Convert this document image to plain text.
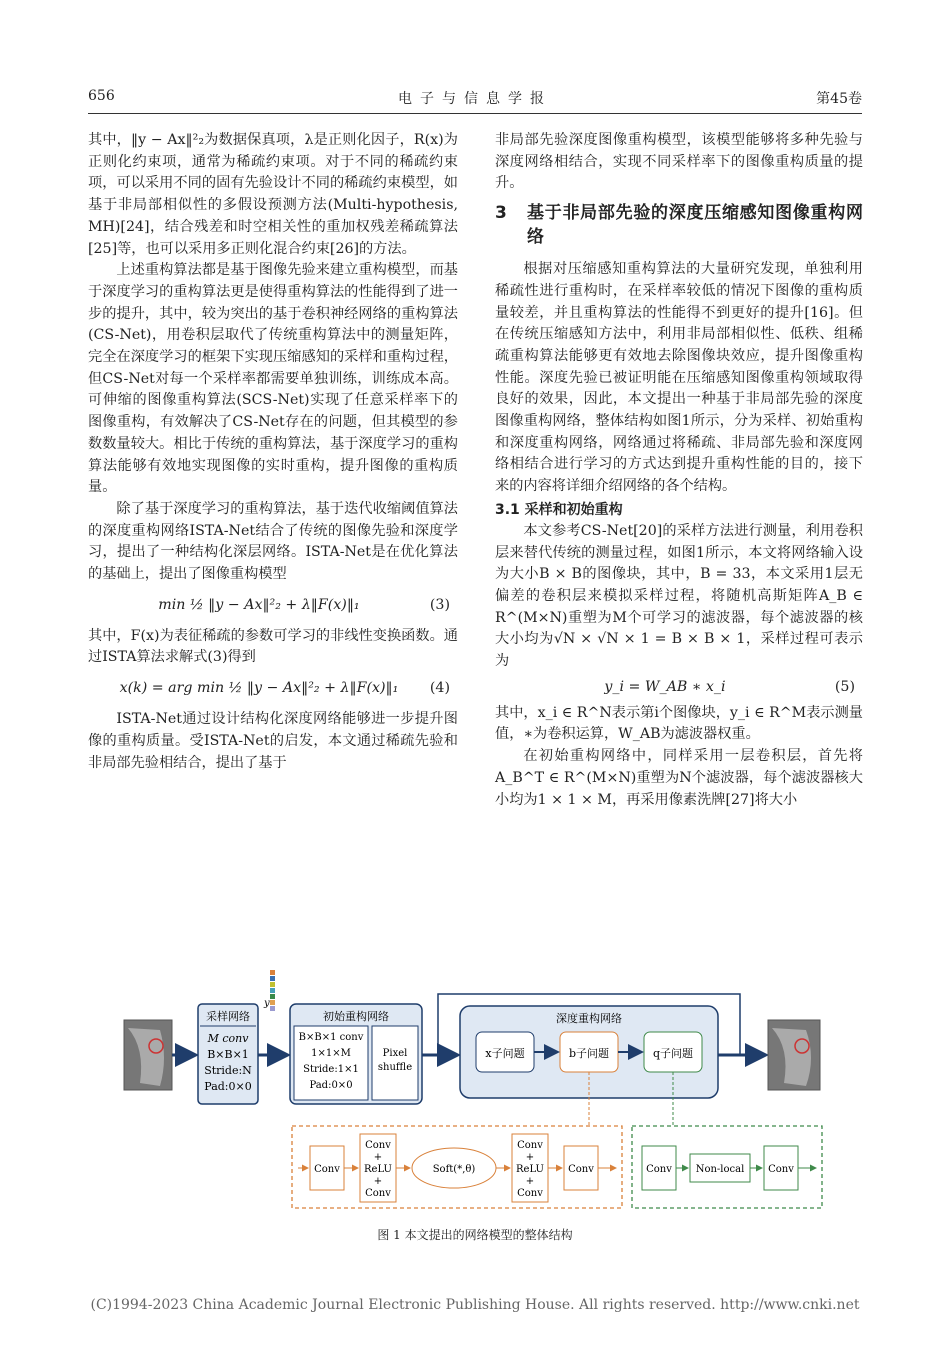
656	电子与信息学报	第45卷

其中，‖y − Ax‖²₂为数据保真项，λ是正则化因子，R(x)为正则化约束项，通常为稀疏约束项。对于不同的稀疏约束项，可以采用不同的固有先验设计不同的稀疏约束模型，如基于非局部相似性的多假设预测方法(Multi-hypothesis, MH)[24]，结合残差和时空相关性的重加权残差稀疏算法[25]等，也可以采用多正则化混合约束[26]的方法。

上述重构算法都是基于图像先验来建立重构模型，而基于深度学习的重构算法更是使得重构算法的性能得到了进一步的提升，其中，较为突出的基于卷积神经网络的重构算法(CS-Net)，用卷积层取代了传统重构算法中的测量矩阵，完全在深度学习的框架下实现压缩感知的采样和重构过程，但CS-Net对每一个采样率都需要单独训练，训练成本高。可伸缩的图像重构算法(SCS-Net)实现了任意采样率下的图像重构，有效解决了CS-Net存在的问题，但其模型的参数数量较大。相比于传统的重构算法，基于深度学习的重构算法能够有效地实现图像的实时重构，提升图像的重构质量。

除了基于深度学习的重构算法，基于迭代收缩阈值算法的深度重构网络ISTA-Net结合了传统的图像先验和深度学习，提出了一种结构化深层网络。ISTA-Net是在优化算法的基础上，提出了图像重构模型

min ½ ‖y − Ax‖²₂ + λ‖F(x)‖₁	(3)

其中，F(x)为表征稀疏的参数可学习的非线性变换函数。通过ISTA算法求解式(3)得到

x(k) = arg min ½ ‖y − Ax‖²₂ + λ‖F(x)‖₁	(4)

ISTA-Net通过设计结构化深度网络能够进一步提升图像的重构质量。受ISTA-Net的启发，本文通过稀疏先验和非局部先验相结合，提出了基于

非局部先验深度图像重构模型，该模型能够将多种先验与深度网络相结合，实现不同采样率下的图像重构质量的提升。

3	基于非局部先验的深度压缩感知图像重构网络

根据对压缩感知重构算法的大量研究发现，单独利用稀疏性进行重构时，在采样率较低的情况下图像的重构质量较差，并且重构算法的性能得不到更好的提升[16]。但在传统压缩感知方法中，利用非局部相似性、低秩、组稀疏重构算法能够更有效地去除图像块效应，提升图像重构性能。深度先验已被证明能在压缩感知图像重构领域取得良好的效果，因此，本文提出一种基于非局部先验的深度图像重构网络，整体结构如图1所示，分为采样、初始重构和深度重构网络，网络通过将稀疏、非局部先验和深度网络相结合进行学习的方式达到提升重构性能的目的，接下来的内容将详细介绍网络的各个结构。

3.1 采样和初始重构

本文参考CS-Net[20]的采样方法进行测量，利用卷积层来替代传统的测量过程，如图1所示，本文将网络输入设为大小B × B的图像块，其中，B = 33，本文采用1层无偏差的卷积层来模拟采样过程，将随机高斯矩阵A_B ∈ R^(M×N)重塑为M个可学习的滤波器，每个滤波器的核大小均为√N × √N × 1 = B × B × 1，采样过程可表示为

y_i = W_AB ∗ x_i	(5)

其中，x_i ∈ R^N表示第i个图像块，y_i ∈ R^M表示测量值，∗为卷积运算，W_AB为滤波器权重。

在初始重构网络中，同样采用一层卷积层，首先将A_B^T ∈ R^(M×N)重塑为N个滤波器，每个滤波器核大小均为1 × 1 × M，再采用像素洗牌[27]将大小

采样网络
M conv
B×B×1
Stride:N
Pad:0×0
y
初始重构网络
B×B×1 conv
1×1×M
Stride:1×1
Pad:0×0
Pixel
shuffle
深度重构网络
x子问题	b子问题	q子问题
Conv
Conv
+
ReLU
+
Conv
Soft(*,θ)
Conv
+
ReLU
+
Conv
Conv	Conv Non-local Conv
图 1 本文提出的网络模型的整体结构
(C)1994-2023 China Academic Journal Electronic Publishing House. All rights reserved. http://www.cnki.net
